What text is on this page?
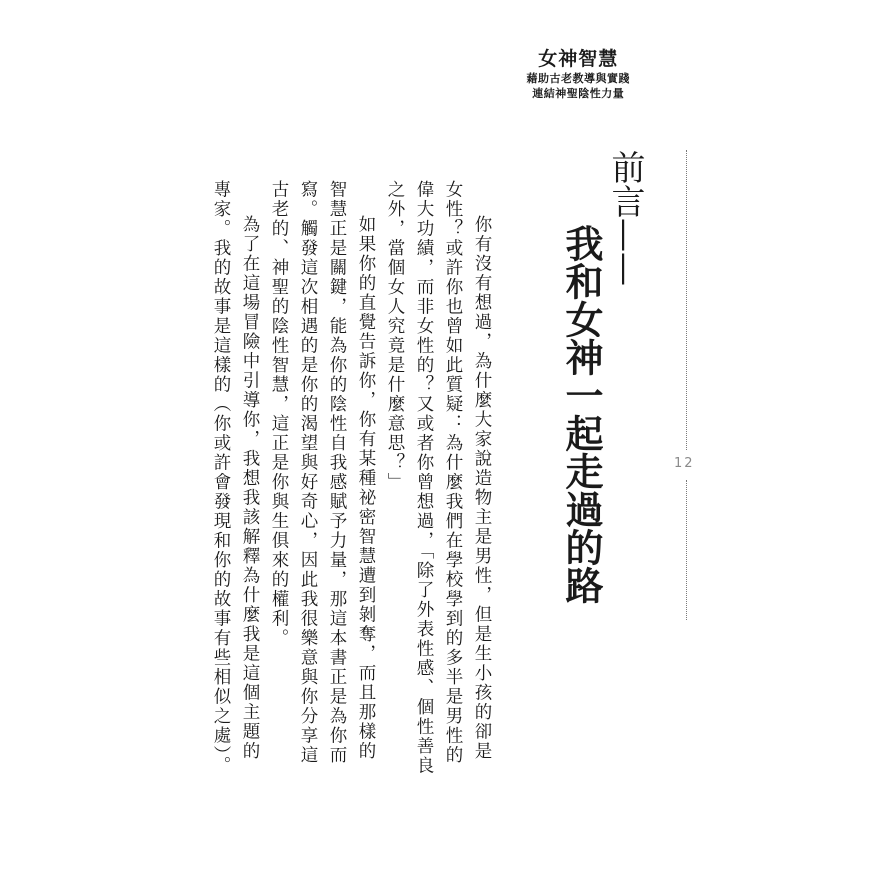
女神智慧
藉助古老教導與實踐
連結神聖陰性力量
前言——
我和女神一起走過的路	12

你有沒有想過，為什麼大家說造物主是男性，但是生小孩的卻是女性？或許你也曾如此質疑：為什麼我們在學校學到的多半是男性的偉大功績，而非女性的？又或者你曾想過，「除了外表性感、個性善良之外，當個女人究竟是什麼意思？」

如果你的直覺告訴你，你有某種祕密智慧遭到剝奪，而且那樣的智慧正是關鍵，能為你的陰性自我感賦予力量，那這本書正是為你而寫。觸發這次相遇的是你的渴望與好奇心，因此我很樂意與你分享這古老的、神聖的陰性智慧，這正是你與生俱來的權利。

為了在這場冒險中引導你，我想我該解釋為什麼我是這個主題的專家。我的故事是這樣的（你或許會發現和你的故事有些相似之處）。
